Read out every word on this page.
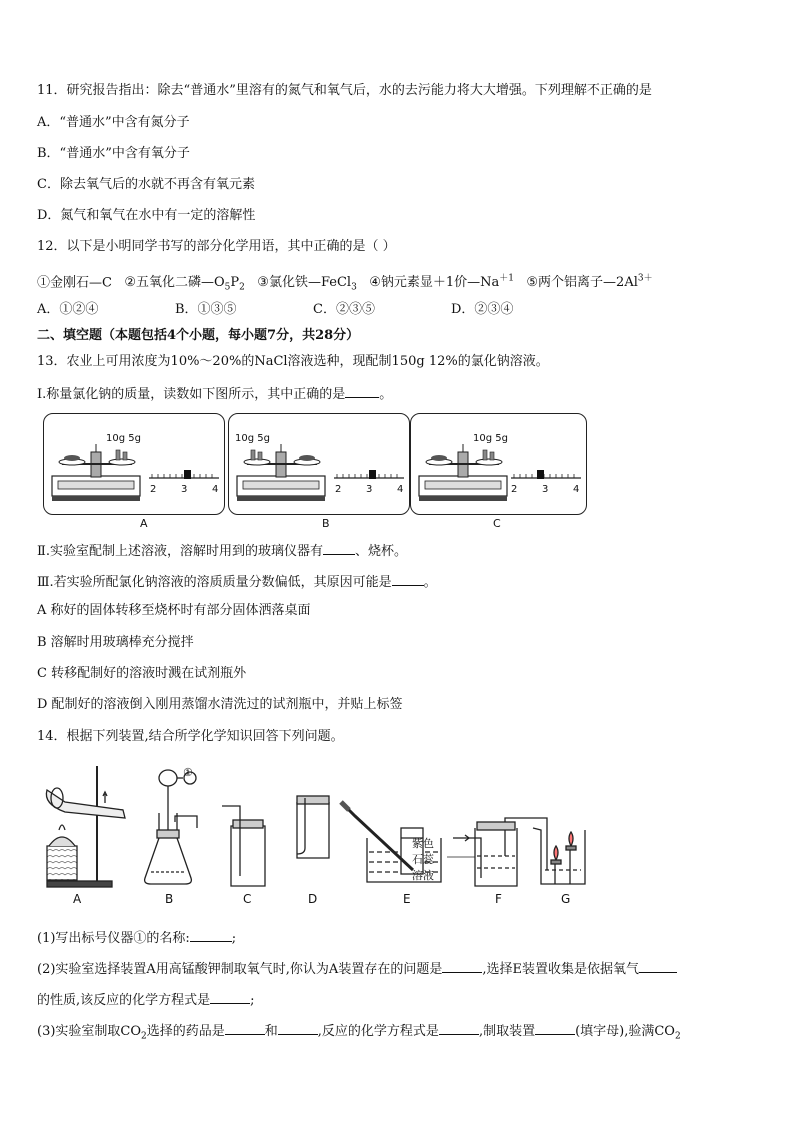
11．研究报告指出：除去“普通水”里溶有的氮气和氧气后，水的去污能力将大大增强。下列理解不正确的是
A．“普通水”中含有氮分子
B．“普通水”中含有氧分子
C．除去氧气后的水就不再含有氧元素
D．氮气和氧气在水中有一定的溶解性
12．以下是小明同学书写的部分化学用语，其中正确的是（ ）
①金刚石—C ②五氧化二磷$—O_5P_2$ ③氯化铁—FeCl$_3$ ④钠元素显＋1价$—Na^{+1}$ ⑤两个铝离子$—2Al^{3+}$
A．①②④	B．①③⑤	C．②③⑤	D．②③④
二、填空题（本题包括4个小题，每小题7分，共28分）
13．农业上可用浓度为10%～20%的NaCl溶液选种，现配制150g 12%的氯化钠溶液。
Ⅰ.称量氯化钠的质量，读数如下图所示，其中正确的是	。
10g 5g
2 3 4
10g 5g
2 3 4
10g 5g
2 3 4
A	B	C
Ⅱ.实验室配制上述溶液，溶解时用到的玻璃仪器有 、烧杯。
Ⅲ.若实验所配氯化钠溶液的溶质质量分数偏低，其原因可能是 。
A 称好的固体转移至烧杯时有部分固体洒落桌面
B 溶解时用玻璃棒充分搅拌
C 转移配制好的溶液时溅在试剂瓶外
D 配制好的溶液倒入刚用蒸馏水清洗过的试剂瓶中，并贴上标签
14．根据下列装置,结合所学化学知识回答下列问题。
①
紫色
石蕊
溶液
A	B	C	D	E	F	G
(1)写出标号仪器①的名称:	;
(2)实验室选择装置A用高锰酸钾制取氧气时,你认为A装置存在的问题是	,选择E装置收集是依据氧气
的性质,该反应的化学方程式是	;
(3)实验室制取$CO_2$选择的药品是	和	,反应的化学方程式是	,制取装置	(填字母),验满$CO_2$
